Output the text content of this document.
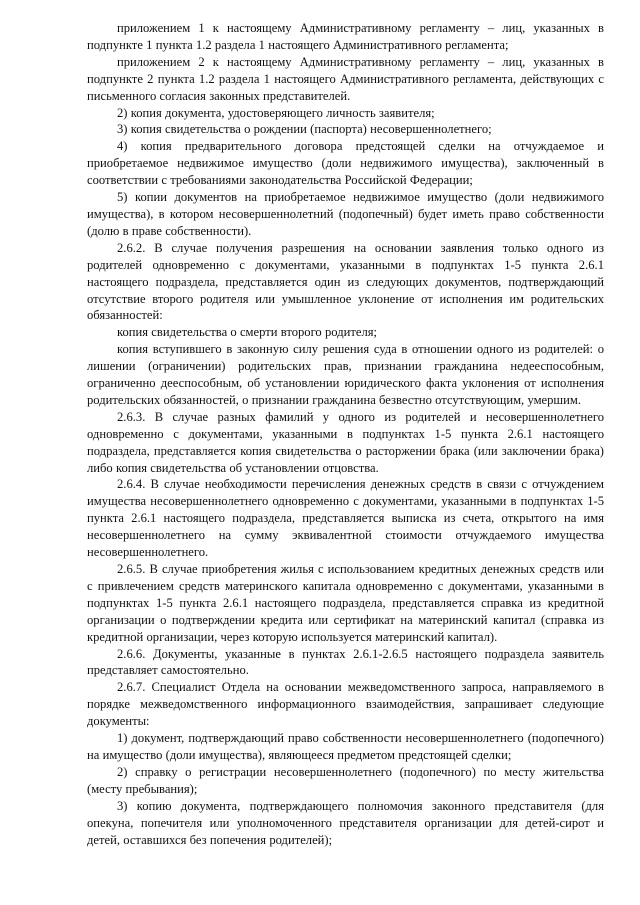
приложением 1 к настоящему Административному регламенту – лиц, указанных в подпункте 1 пункта 1.2 раздела 1 настоящего Административного регламента;

приложением 2 к настоящему Административному регламенту – лиц, указанных в подпункте 2 пункта 1.2 раздела 1 настоящего Административного регламента, действующих с письменного согласия законных представителей.

2) копия документа, удостоверяющего личность заявителя;

3) копия свидетельства о рождении (паспорта) несовершеннолетнего;

4) копия предварительного договора предстоящей сделки на отчуждаемое и приобретаемое недвижимое имущество (доли недвижимого имущества), заключенный в соответствии с требованиями законодательства Российской Федерации;

5) копии документов на приобретаемое недвижимое имущество (доли недвижимого имущества), в котором несовершеннолетний (подопечный) будет иметь право собственности (долю в праве собственности).

2.6.2. В случае получения разрешения на основании заявления только одного из родителей одновременно с документами, указанными в подпунктах 1-5 пункта 2.6.1 настоящего подраздела, представляется один из следующих документов, подтверждающий отсутствие второго родителя или умышленное уклонение от исполнения им родительских обязанностей:

копия свидетельства о смерти второго родителя;

копия вступившего в законную силу решения суда в отношении одного из родителей: о лишении (ограничении) родительских прав, признании гражданина недееспособным, ограниченно дееспособным, об установлении юридического факта уклонения от исполнения родительских обязанностей, о признании гражданина безвестно отсутствующим, умершим.

2.6.3. В случае разных фамилий у одного из родителей и несовершеннолетнего одновременно с документами, указанными в подпунктах 1-5 пункта 2.6.1 настоящего подраздела, представляется копия свидетельства о расторжении брака (или заключении брака) либо копия свидетельства об установлении отцовства.

2.6.4. В случае необходимости перечисления денежных средств в связи с отчуждением имущества несовершеннолетнего одновременно с документами, указанными в подпунктах 1-5 пункта 2.6.1 настоящего подраздела, представляется выписка из счета, открытого на имя несовершеннолетнего на сумму эквивалентной стоимости отчуждаемого имущества несовершеннолетнего.

2.6.5. В случае приобретения жилья с использованием кредитных денежных средств или с привлечением средств материнского капитала одновременно с документами, указанными в подпунктах 1-5 пункта 2.6.1 настоящего подраздела, представляется справка из кредитной организации о подтверждении кредита или сертификат на материнский капитал (справка из кредитной организации, через которую используется материнский капитал).

2.6.6. Документы, указанные в пунктах 2.6.1-2.6.5 настоящего подраздела заявитель представляет самостоятельно.

2.6.7. Специалист Отдела на основании межведомственного запроса, направляемого в порядке межведомственного информационного взаимодействия, запрашивает следующие документы:

1) документ, подтверждающий право собственности несовершеннолетнего (подопечного) на имущество (доли имущества), являющееся предметом предстоящей сделки;

2) справку о регистрации несовершеннолетнего (подопечного) по месту жительства (месту пребывания);

3) копию документа, подтверждающего полномочия законного представителя (для опекуна, попечителя или уполномоченного представителя организации для детей-сирот и детей, оставшихся без попечения родителей);
